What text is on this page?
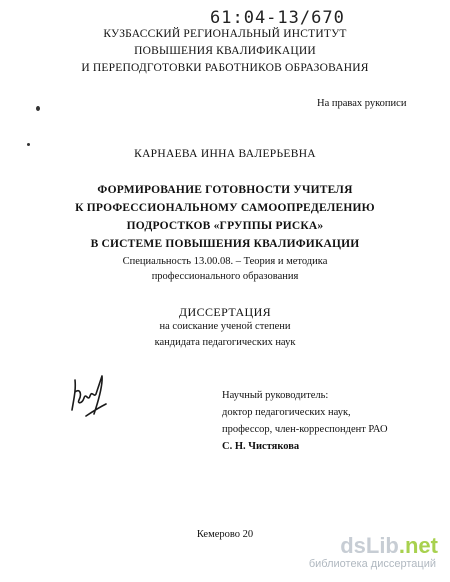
61:04-13/670
КУЗБАССКИЙ РЕГИОНАЛЬНЫЙ ИНСТИТУТ
ПОВЫШЕНИЯ КВАЛИФИКАЦИИ
И ПЕРЕПОДГОТОВКИ РАБОТНИКОВ ОБРАЗОВАНИЯ
На правах рукописи
КАРНАЕВА ИННА ВАЛЕРЬЕВНА
ФОРМИРОВАНИЕ ГОТОВНОСТИ УЧИТЕЛЯ
К ПРОФЕССИОНАЛЬНОМУ САМООПРЕДЕЛЕНИЮ
ПОДРОСТКОВ «ГРУППЫ РИСКА»
В СИСТЕМЕ ПОВЫШЕНИЯ КВАЛИФИКАЦИИ
Специальность 13.00.08. – Теория и методика
профессионального образования
ДИССЕРТАЦИЯ
на соискание ученой степени
кандидата педагогических наук
Научный руководитель:
доктор педагогических наук,
профессор, член-корреспондент РАО
С. Н. Чистякова
Кемерово 20	dsLib.net
библиотека диссертаций
